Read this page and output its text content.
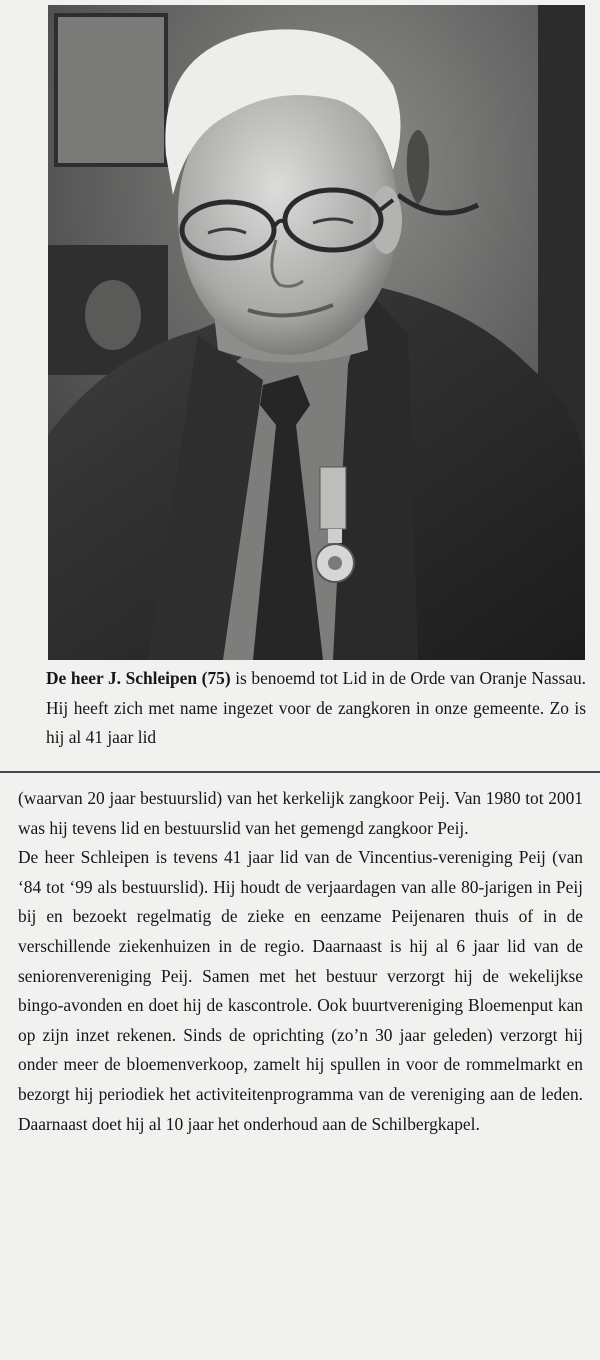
De heer J. Schleipen (75) is benoemd tot Lid in de Orde van Oranje Nassau. Hij heeft zich met name ingezet voor de zangkoren in onze gemeente. Zo is hij al 41 jaar lid

(waarvan 20 jaar bestuurslid) van het kerkelijk zangkoor Peij. Van 1980 tot 2001 was hij tevens lid en bestuurslid van het gemengd zangkoor Peij.

De heer Schleipen is tevens 41 jaar lid van de Vincentius-vereniging Peij (van ‘84 tot ‘99 als bestuurslid). Hij houdt de verjaardagen van alle 80-jarigen in Peij bij en bezoekt regelmatig de zieke en eenzame Peijenaren thuis of in de verschillende ziekenhuizen in de regio. Daarnaast is hij al 6 jaar lid van de seniorenvereniging Peij. Samen met het bestuur verzorgt hij de wekelijkse bingo-avonden en doet hij de kascontrole. Ook buurtvereniging Bloemenput kan op zijn inzet rekenen. Sinds de oprichting (zo’n 30 jaar geleden) verzorgt hij onder meer de bloemenverkoop, zamelt hij spullen in voor de rommelmarkt en bezorgt hij periodiek het activiteitenprogramma van de vereniging aan de leden. Daarnaast doet hij al 10 jaar het onderhoud aan de Schilbergkapel.
